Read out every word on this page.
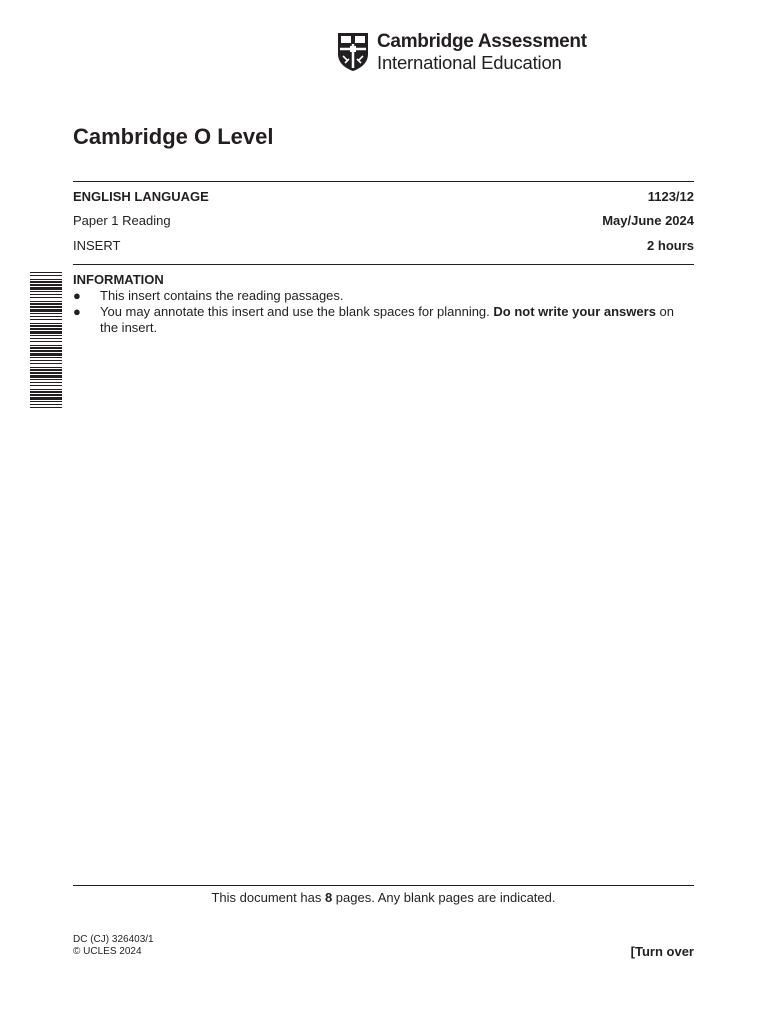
Cambridge Assessment
International Education
Cambridge O Level
ENGLISH LANGUAGE	1123/12
Paper 1 Reading	May/June 2024
INSERT	2 hours
INFORMATION
● This insert contains the reading passages.
● You may annotate this insert and use the blank spaces for planning. Do not write your answers on the insert.
This document has 8 pages. Any blank pages are indicated.
DC (CJ) 326403/1
© UCLES 2024	[Turn over
